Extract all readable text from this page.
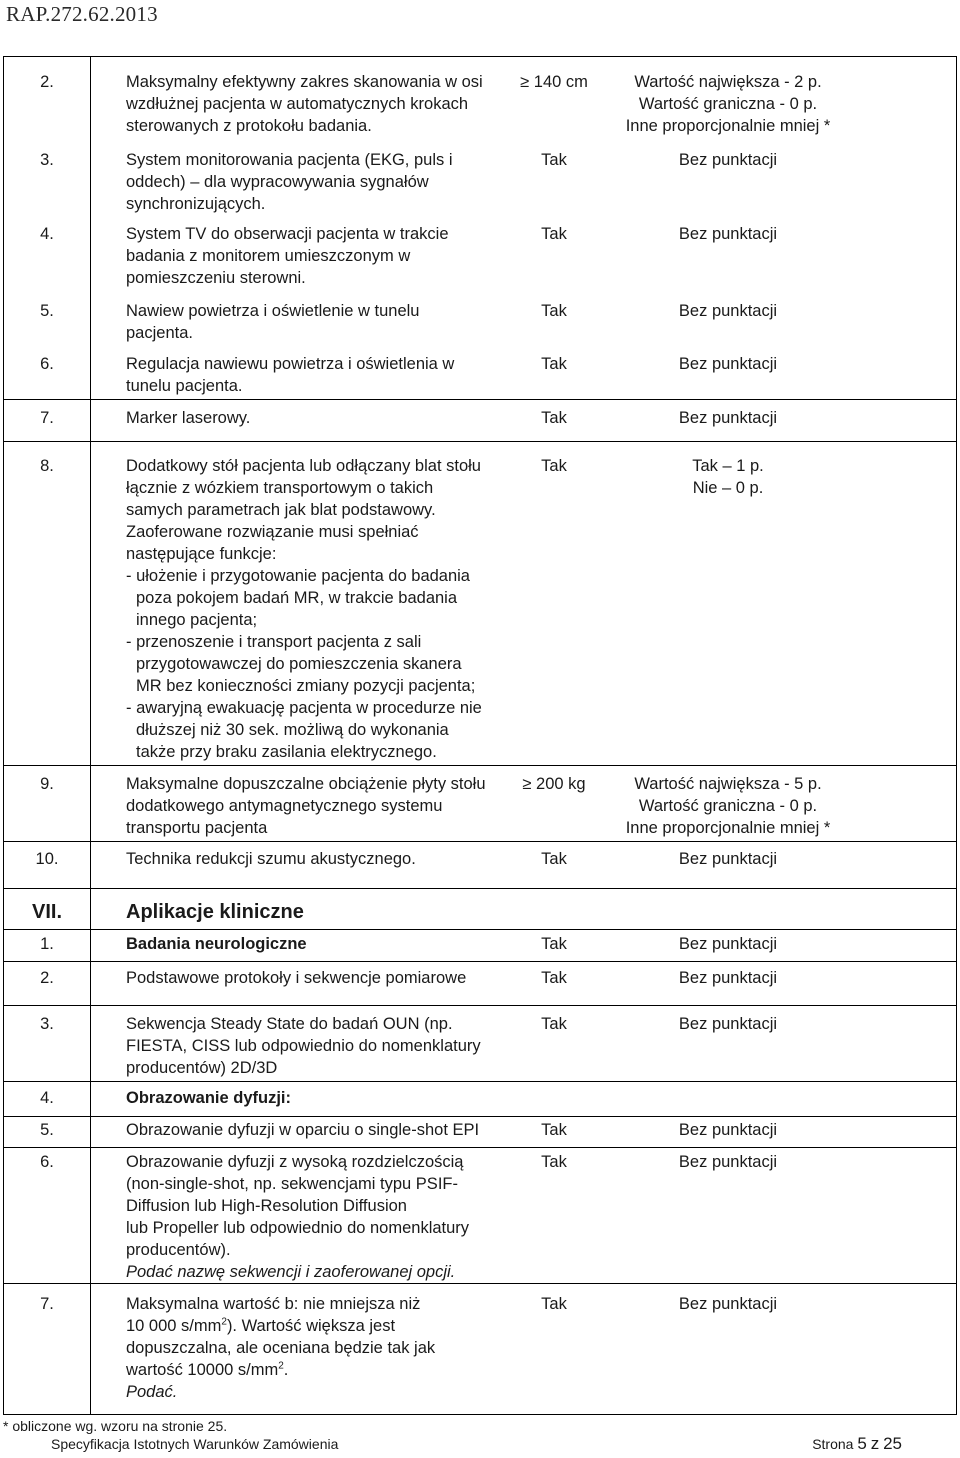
RAP.272.62.2013
2.	Maksymalny efektywny zakres skanowania w osi
wzdłużnej pacjenta w automatycznych krokach
sterowanych z protokołu badania.
≥ 140 cm	Wartość największa - 2 p.
Wartość graniczna - 0 p.
Inne proporcjonalnie mniej *
3.	System monitorowania pacjenta (EKG, puls i
oddech) – dla wypracowywania sygnałów
synchronizujących.
Tak	Bez punktacji
4.	System TV do obserwacji pacjenta w trakcie
badania z monitorem umieszczonym w
pomieszczeniu sterowni.
Tak	Bez punktacji
5.	Nawiew powietrza i oświetlenie w tunelu
pacjenta.
Tak	Bez punktacji
6.	Regulacja nawiewu powietrza i oświetlenia w
tunelu pacjenta.
Tak	Bez punktacji
7.	Marker laserowy.	Tak	Bez punktacji
8.	Dodatkowy stół pacjenta lub odłączany blat stołu
łącznie z wózkiem transportowym o takich
samych parametrach jak blat podstawowy.
Zaoferowane rozwiązanie musi spełniać
następujące funkcje:
- ułożenie i przygotowanie pacjenta do badania
poza pokojem badań MR, w trakcie badania
innego pacjenta;
- przenoszenie i transport pacjenta z sali
przygotowawczej do pomieszczenia skanera
MR bez konieczności zmiany pozycji pacjenta;
- awaryjną ewakuację pacjenta w procedurze nie
dłuższej niż 30 sek. możliwą do wykonania
także przy braku zasilania elektrycznego.
Tak	Tak – 1 p.
Nie – 0 p.
9.	Maksymalne dopuszczalne obciążenie płyty stołu
dodatkowego antymagnetycznego systemu
transportu pacjenta
≥ 200 kg	Wartość największa - 5 p.
Wartość graniczna - 0 p.
Inne proporcjonalnie mniej *
10.	Technika redukcji szumu akustycznego.	Tak	Bez punktacji
VII.	Aplikacje kliniczne
1.	Badania neurologiczne	Tak	Bez punktacji
2.	Podstawowe protokoły i sekwencje pomiarowe	Tak	Bez punktacji
3.	Sekwencja Steady State do badań OUN (np.
FIESTA, CISS lub odpowiednio do nomenklatury
producentów) 2D/3D
Tak	Bez punktacji
4.	Obrazowanie dyfuzji:
5.	Obrazowanie dyfuzji w oparciu o single-shot EPI	Tak	Bez punktacji
6.	Obrazowanie dyfuzji z wysoką rozdzielczością
(non-single-shot, np. sekwencjami typu PSIF-
Diffusion lub High-Resolution Diffusion
lub Propeller lub odpowiednio do nomenklatury
producentów).
Podać nazwę sekwencji i zaoferowanej opcji.
Tak	Bez punktacji
7.	Maksymalna wartość b: nie mniejsza niż
10 000 $s/mm^2$). Wartość większa jest
dopuszczalna, ale oceniana będzie tak jak
wartość 10000 $s/mm^2$.
Podać.
Tak	Bez punktacji
* obliczone wg. wzoru na stronie 25.
Specyfikacja Istotnych Warunków Zamówienia	Strona 5 z 25
